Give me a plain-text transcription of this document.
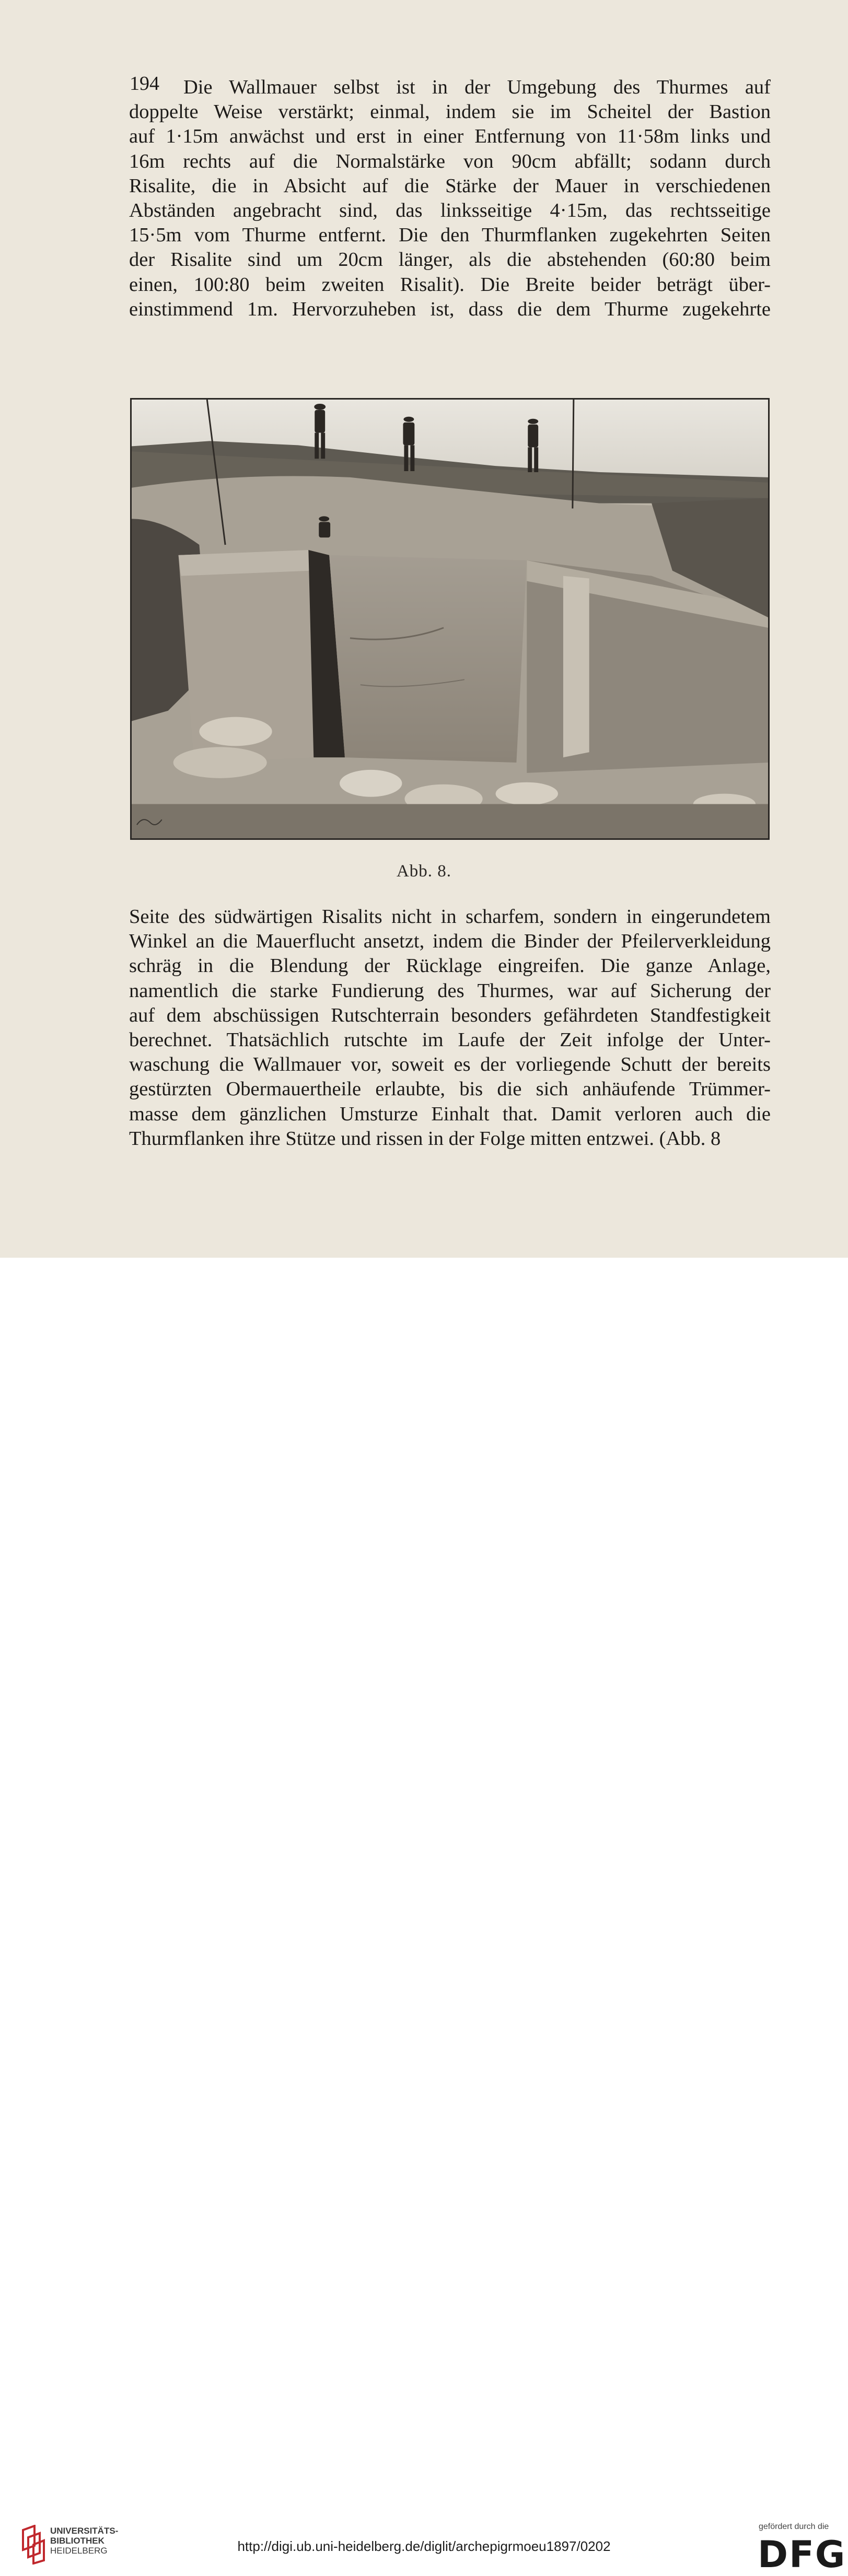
194	Die Wallmauer selbst ist in der Umgebung des Thurmes auf
doppelte Weise verstärkt; einmal, indem sie im Scheitel der Bastion
auf 1·15m anwächst und erst in einer Entfernung von 11·58m links und
16m rechts auf die Normalstärke von 90cm abfällt; sodann durch
Risalite, die in Absicht auf die Stärke der Mauer in verschiedenen
Abständen angebracht sind, das linksseitige 4·15m, das rechtsseitige
15·5m vom Thurme entfernt. Die den Thurmflanken zugekehrten Seiten
der Risalite sind um 20cm länger, als die abstehenden (60:80 beim
einen, 100:80 beim zweiten Risalit). Die Breite beider beträgt über-
einstimmend 1m. Hervorzuheben ist, dass die dem Thurme zugekehrte

Abb. 8.

Seite des südwärtigen Risalits nicht in scharfem, sondern in eingerundetem
Winkel an die Mauerflucht ansetzt, indem die Binder der Pfeilerverkleidung
schräg in die Blendung der Rücklage eingreifen. Die ganze Anlage,
namentlich die starke Fundierung des Thurmes, war auf Sicherung der
auf dem abschüssigen Rutschterrain besonders gefährdeten Standfestigkeit
berechnet. Thatsächlich rutschte im Laufe der Zeit infolge der Unter-
waschung die Wallmauer vor, soweit es der vorliegende Schutt der bereits
gestürzten Obermauertheile erlaubte, bis die sich anhäufende Trümmer-
masse dem gänzlichen Umsturze Einhalt that. Damit verloren auch die
Thurmflanken ihre Stütze und rissen in der Folge mitten entzwei. (Abb. 8

UNIVERSITÄTS-
BIBLIOTHEK
HEIDELBERG	http://digi.ub.uni-heidelberg.de/diglit/archepigrmoeu1897/0202
gefördert durch die
DFG
